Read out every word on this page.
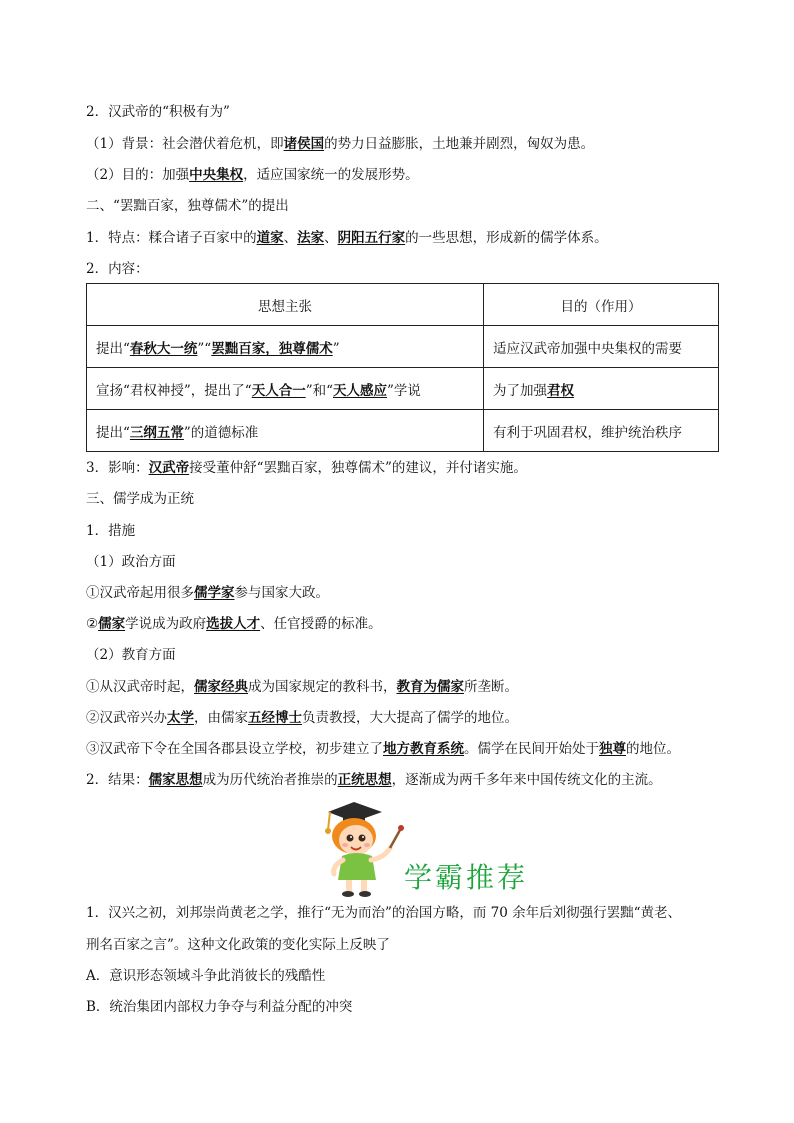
2．汉武帝的“积极有为”
（1）背景：社会潜伏着危机，即诸侯国的势力日益膨胀，土地兼并剧烈，匈奴为患。
（2）目的：加强中央集权，适应国家统一的发展形势。
二、“罢黜百家，独尊儒术”的提出
1．特点：糅合诸子百家中的道家、法家、阴阳五行家的一些思想，形成新的儒学体系。
2．内容：
思想主张	目的（作用）
提出“春秋大一统”“罢黜百家，独尊儒术”	适应汉武帝加强中央集权的需要
宣扬“君权神授”，提出了“天人合一”和“天人感应”学说	为了加强君权
提出“三纲五常”的道德标准	有利于巩固君权，维护统治秩序
3．影响：汉武帝接受董仲舒“罢黜百家，独尊儒术”的建议，并付诸实施。
三、儒学成为正统
1．措施
（1）政治方面
①汉武帝起用很多儒学家参与国家大政。
②儒家学说成为政府选拔人才、任官授爵的标准。
（2）教育方面
①从汉武帝时起，儒家经典成为国家规定的教科书，教育为儒家所垄断。
②汉武帝兴办太学，由儒家五经博士负责教授，大大提高了儒学的地位。
③汉武帝下令在全国各郡县设立学校，初步建立了地方教育系统。儒学在民间开始处于独尊的地位。
2．结果：儒家思想成为历代统治者推崇的正统思想，逐渐成为两千多年来中国传统文化的主流。
学霸推荐
1．汉兴之初，刘邦崇尚黄老之学，推行“无为而治”的治国方略，而 70 余年后刘彻强行罢黜“黄老、
刑名百家之言”。这种文化政策的变化实际上反映了
A．意识形态领域斗争此消彼长的残酷性
B．统治集团内部权力争夺与利益分配的冲突
